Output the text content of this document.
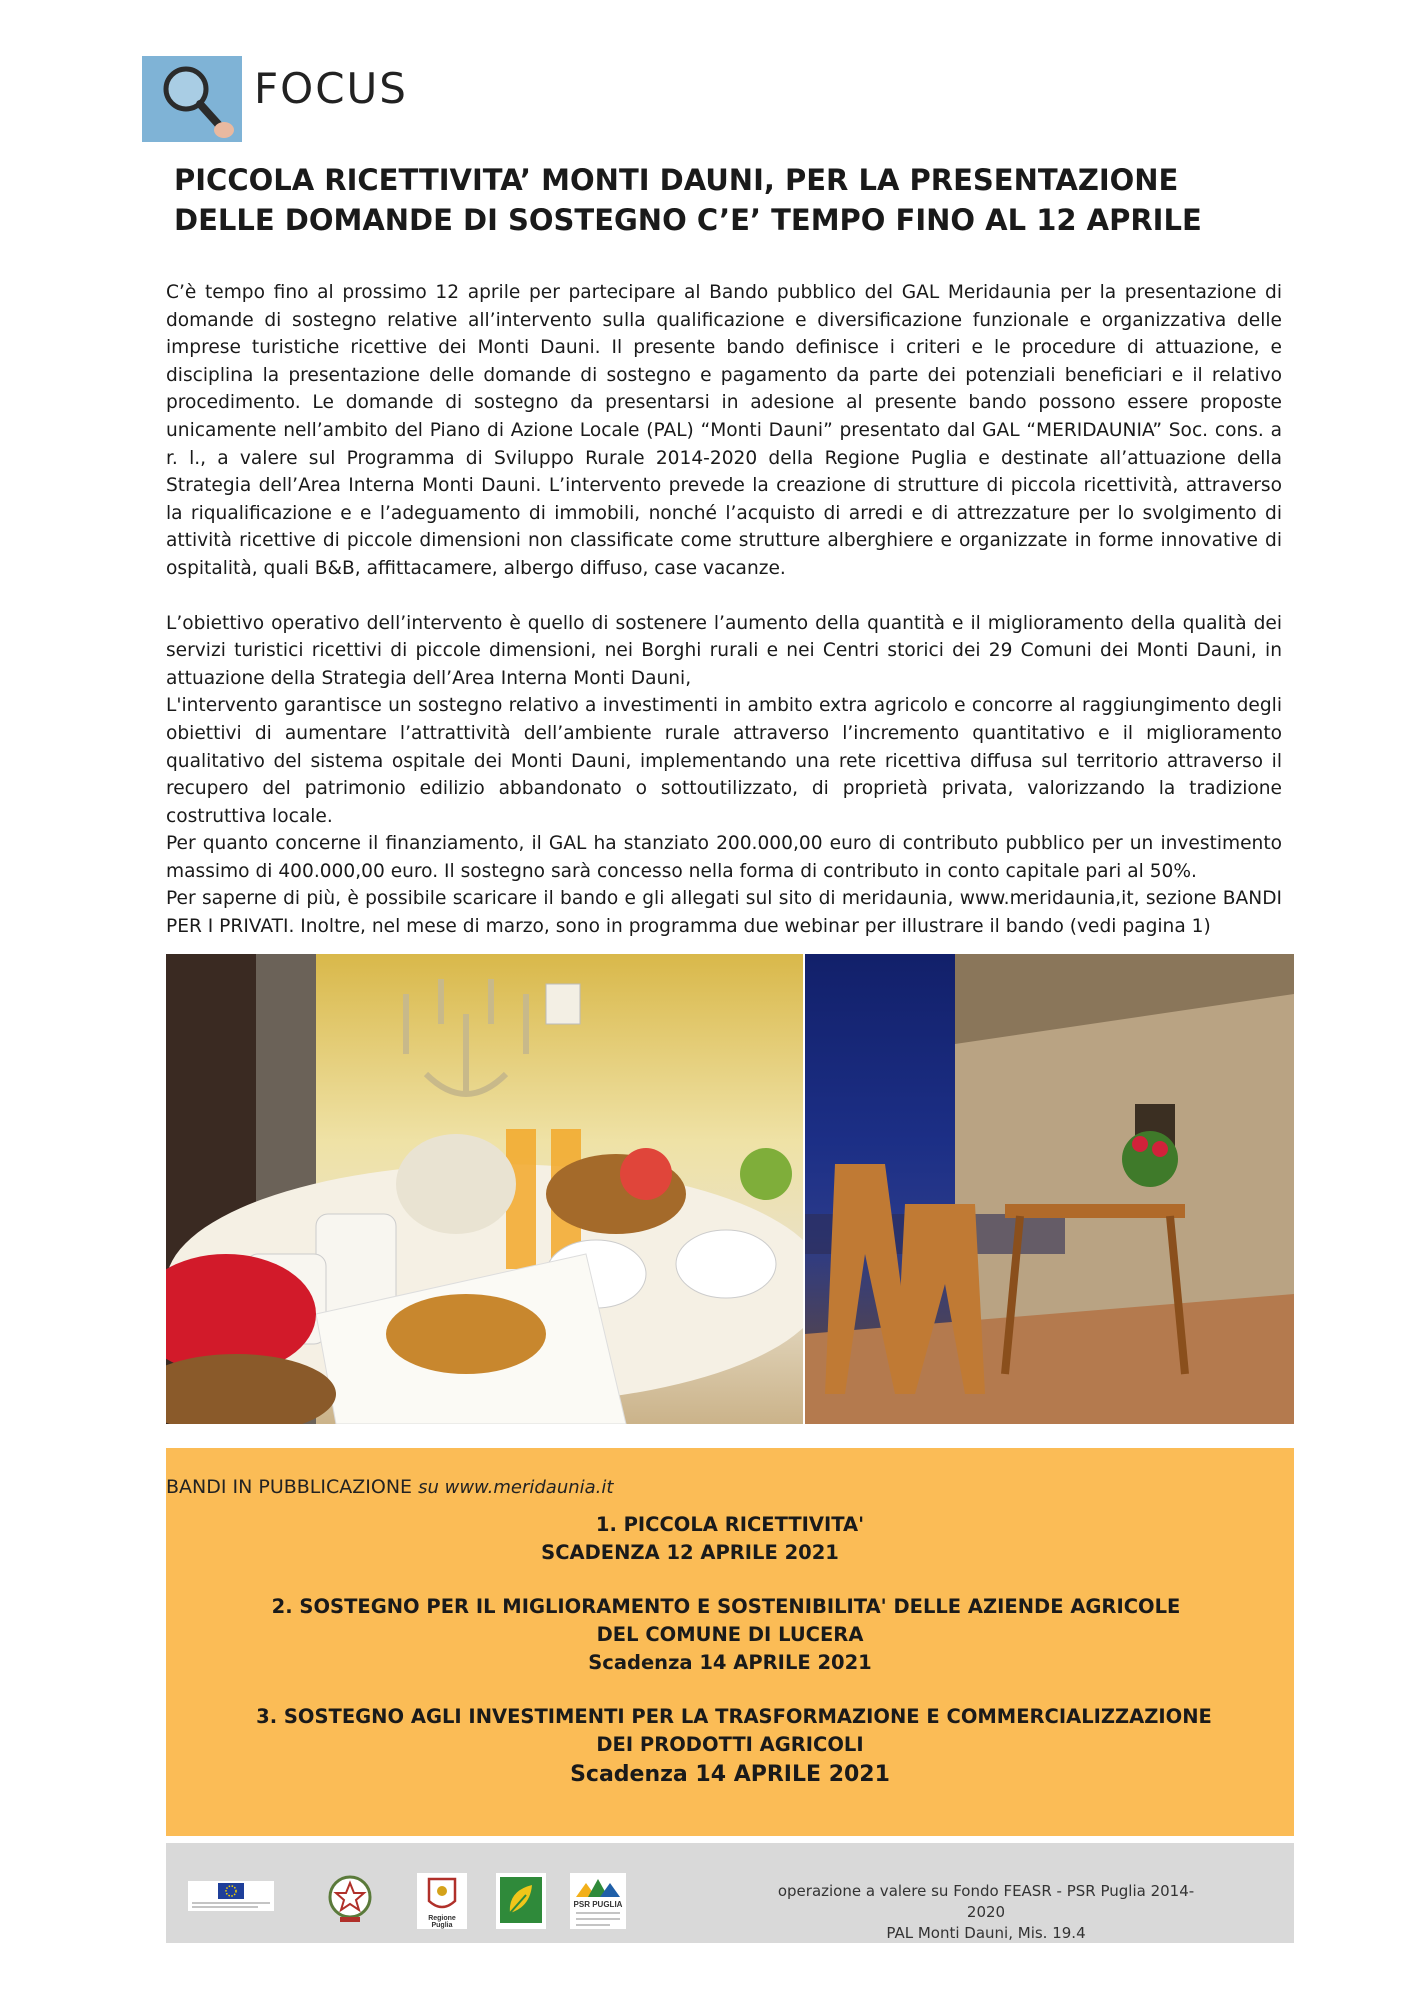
FOCUS
PICCOLA RICETTIVITA’ MONTI DAUNI, PER LA PRESENTAZIONE
DELLE DOMANDE DI SOSTEGNO C’E’ TEMPO FINO AL 12 APRILE

C’è tempo fino al prossimo 12 aprile per partecipare al Bando pubblico del GAL Meridaunia per la presentazione di domande di sostegno relative all’intervento sulla qualificazione e diversificazione funzionale e organizzativa delle imprese turistiche ricettive dei Monti Dauni. Il presente bando definisce i criteri e le procedure di attuazione, e disciplina la presentazione delle domande di sostegno e pagamento da parte dei potenziali beneficiari e il relativo procedimento. Le domande di sostegno da presentarsi in adesione al presente bando possono essere proposte unicamente nell’ambito del Piano di Azione Locale (PAL) “Monti Dauni” presentato dal GAL “MERIDAUNIA” Soc. cons. a r. l., a valere sul Programma di Sviluppo Rurale 2014-2020 della Regione Puglia e destinate all’attuazione della Strategia dell’Area Interna Monti Dauni. L’intervento prevede la creazione di strutture di piccola ricettività, attraverso la riqualificazione e e l’adeguamento di immobili, nonché l’acquisto di arredi e di attrezzature per lo svolgimento di attività ricettive di piccole dimensioni non classificate come strutture alberghiere e organizzate in forme innovative di ospitalità, quali B&B, affittacamere, albergo diffuso, case vacanze.

L’obiettivo operativo dell’intervento è quello di sostenere l’aumento della quantità e il miglioramento della qualità dei servizi turistici ricettivi di piccole dimensioni, nei Borghi rurali e nei Centri storici dei 29 Comuni dei Monti Dauni, in attuazione della Strategia dell’Area Interna Monti Dauni,

L'intervento garantisce un sostegno relativo a investimenti in ambito extra agricolo e concorre al raggiungimento degli obiettivi di aumentare l’attrattività dell’ambiente rurale attraverso l’incremento quantitativo e il miglioramento qualitativo del sistema ospitale dei Monti Dauni, implementando una rete ricettiva diffusa sul territorio attraverso il recupero del patrimonio edilizio abbandonato o sottoutilizzato, di proprietà privata, valorizzando la tradizione costruttiva locale.

Per quanto concerne il finanziamento, il GAL ha stanziato 200.000,00 euro di contributo pubblico per un investimento massimo di 400.000,00 euro. Il sostegno sarà concesso nella forma di contributo in conto capitale pari al 50%.

Per saperne di più, è possibile scaricare il bando e gli allegati sul sito di meridaunia, www.meridaunia,it, sezione BANDI PER I PRIVATI. Inoltre, nel mese di marzo, sono in programma due webinar per illustrare il bando (vedi pagina 1)

BANDI IN PUBBLICAZIONE su www.meridaunia.it
1. PICCOLA RICETTIVITA'
SCADENZA 12 APRILE 2021
2. SOSTEGNO PER IL MIGLIORAMENTO E SOSTENIBILITA' DELLE AZIENDE AGRICOLE
DEL COMUNE DI LUCERA
Scadenza 14 APRILE 2021
3. SOSTEGNO AGLI INVESTIMENTI PER LA TRASFORMAZIONE E COMMERCIALIZZAZIONE
DEI PRODOTTI AGRICOLI
Scadenza 14 APRILE 2021
Regione Puglia
PSR PUGLIA
operazione a valere su Fondo FEASR - PSR Puglia 2014-2020
PAL Monti Dauni, Mis. 19.4
